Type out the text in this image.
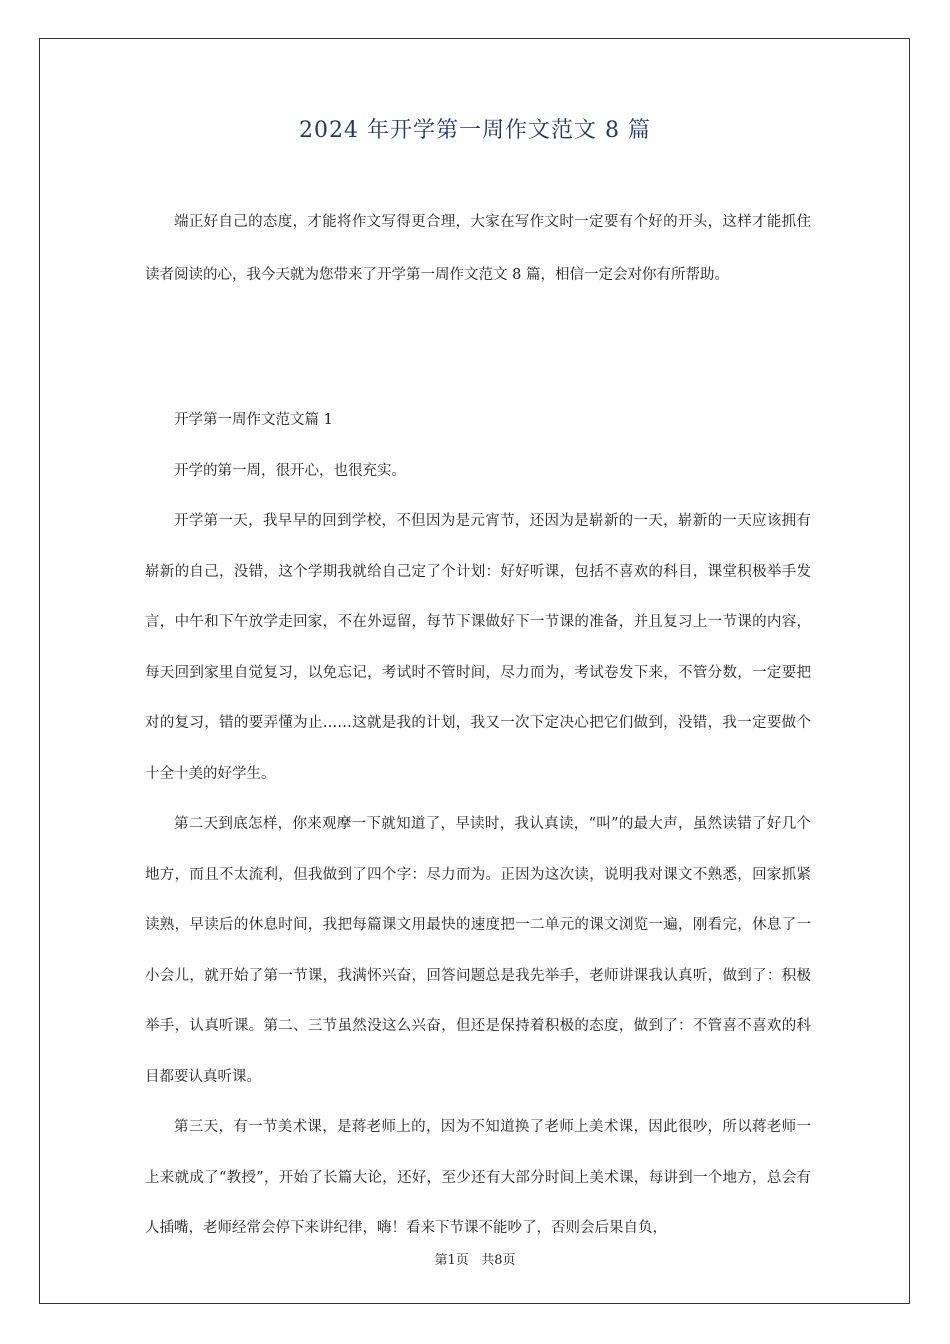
2024 年开学第一周作文范文 8 篇

端正好自己的态度，才能将作文写得更合理，大家在写作文时一定要有个好的开头，这样才能抓住读者阅读的心，我今天就为您带来了开学第一周作文范文 8 篇，相信一定会对你有所帮助。

开学第一周作文范文篇 1

开学的第一周，很开心，也很充实。

开学第一天，我早早的回到学校，不但因为是元宵节，还因为是崭新的一天，崭新的一天应该拥有崭新的自己，没错，这个学期我就给自己定了个计划：好好听课，包括不喜欢的科目，课堂积极举手发言，中午和下午放学走回家，不在外逗留，每节下课做好下一节课的准备，并且复习上一节课的内容，每天回到家里自觉复习，以免忘记，考试时不管时间，尽力而为，考试卷发下来，不管分数，一定要把对的复习，错的要弄懂为止……这就是我的计划，我又一次下定决心把它们做到，没错，我一定要做个十全十美的好学生。

第二天到底怎样，你来观摩一下就知道了，早读时，我认真读，“叫”的最大声，虽然读错了好几个地方，而且不太流利，但我做到了四个字：尽力而为。正因为这次读，说明我对课文不熟悉，回家抓紧读熟，早读后的休息时间，我把每篇课文用最快的速度把一二单元的课文浏览一遍，刚看完，休息了一小会儿，就开始了第一节课，我满怀兴奋，回答问题总是我先举手，老师讲课我认真听，做到了：积极举手，认真听课。第二、三节虽然没这么兴奋，但还是保持着积极的态度，做到了：不管喜不喜欢的科目都要认真听课。

第三天，有一节美术课，是蒋老师上的，因为不知道换了老师上美术课，因此很吵，所以蒋老师一上来就成了“教授”，开始了长篇大论，还好，至少还有大部分时间上美术课，每讲到一个地方，总会有人插嘴，老师经常会停下来讲纪律，嗨！看来下节课不能吵了，否则会后果自负，

第1页 共8页
